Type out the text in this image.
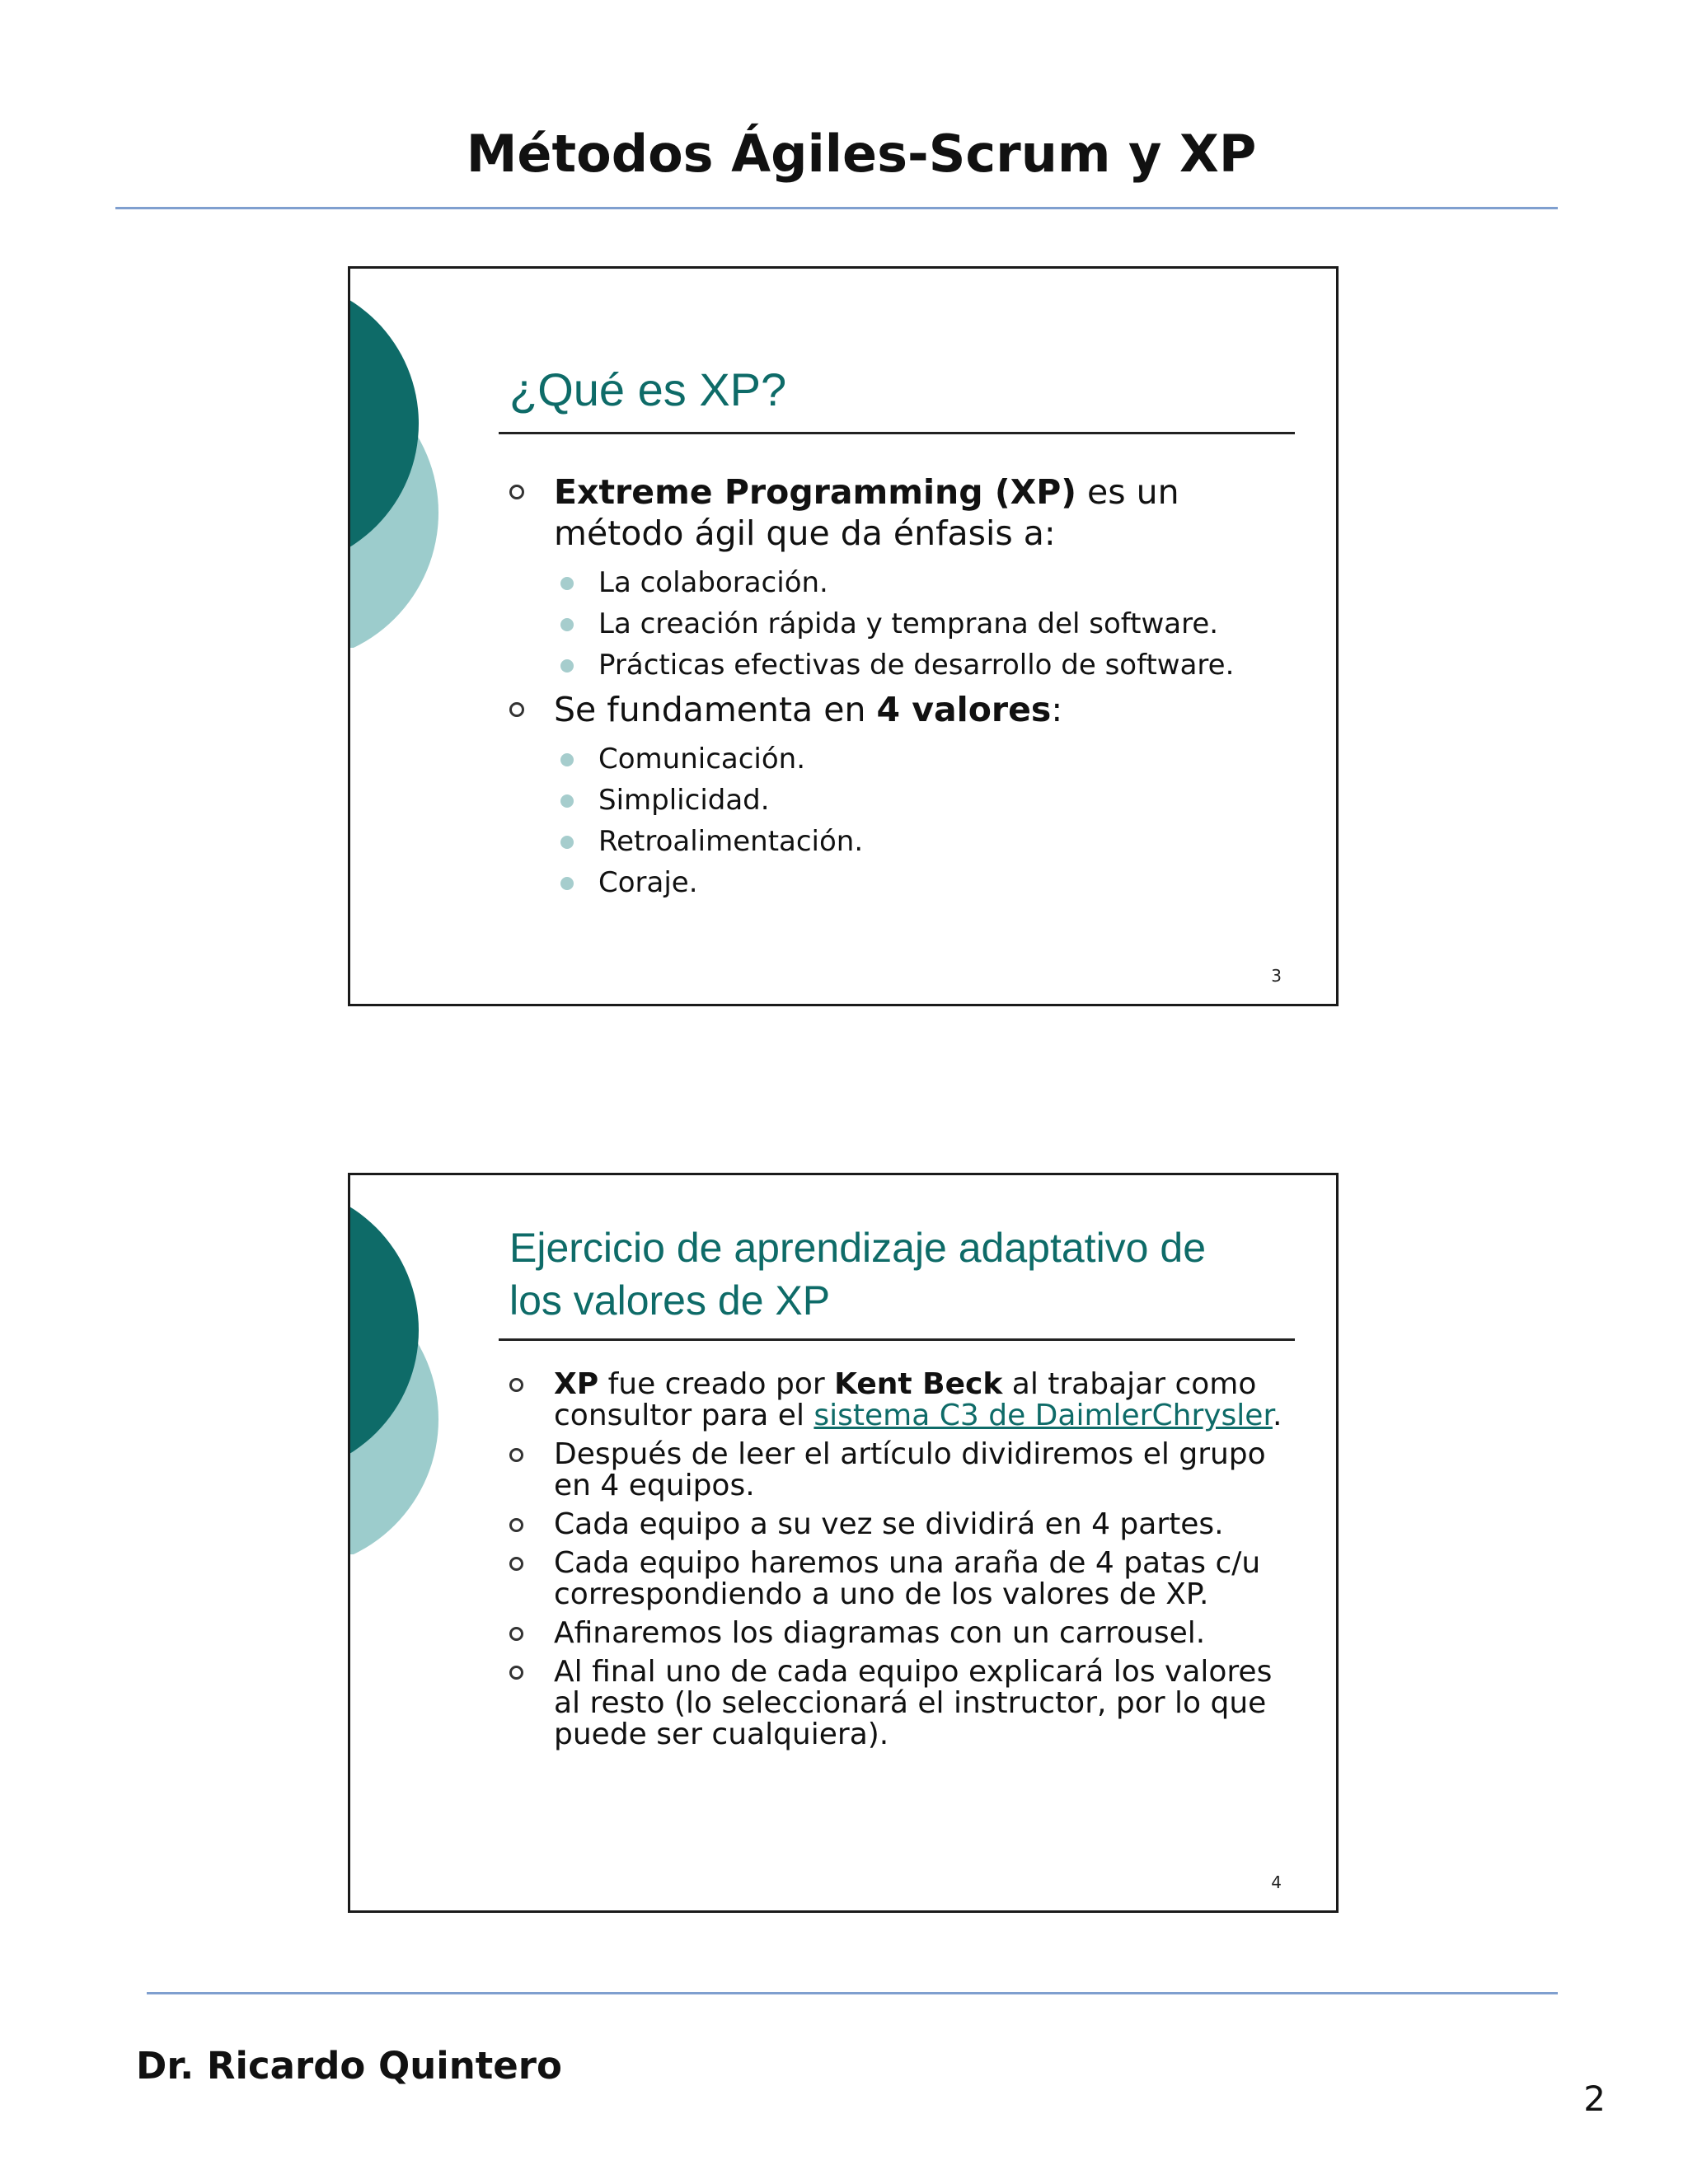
Métodos Ágiles-Scrum y XP
¿Qué es XP?
Extreme Programming (XP) es un
método ágil que da énfasis a:
La colaboración.
La creación rápida y temprana del software.
Prácticas efectivas de desarrollo de software.
Se fundamenta en 4 valores:
Comunicación.
Simplicidad.
Retroalimentación.
Coraje.
3
Ejercicio de aprendizaje adaptativo de
los valores de XP
XP fue creado por Kent Beck al trabajar como consultor para el sistema C3 de DaimlerChrysler.
Después de leer el artículo dividiremos el grupo en 4 equipos.
Cada equipo a su vez se dividirá en 4 partes.
Cada equipo haremos una araña de 4 patas c/u correspondiendo a uno de los valores de XP.
Afinaremos los diagramas con un carrousel.
Al final uno de cada equipo explicará los valores al resto (lo seleccionará el instructor, por lo que puede ser cualquiera).
4
Dr. Ricardo Quintero
2
